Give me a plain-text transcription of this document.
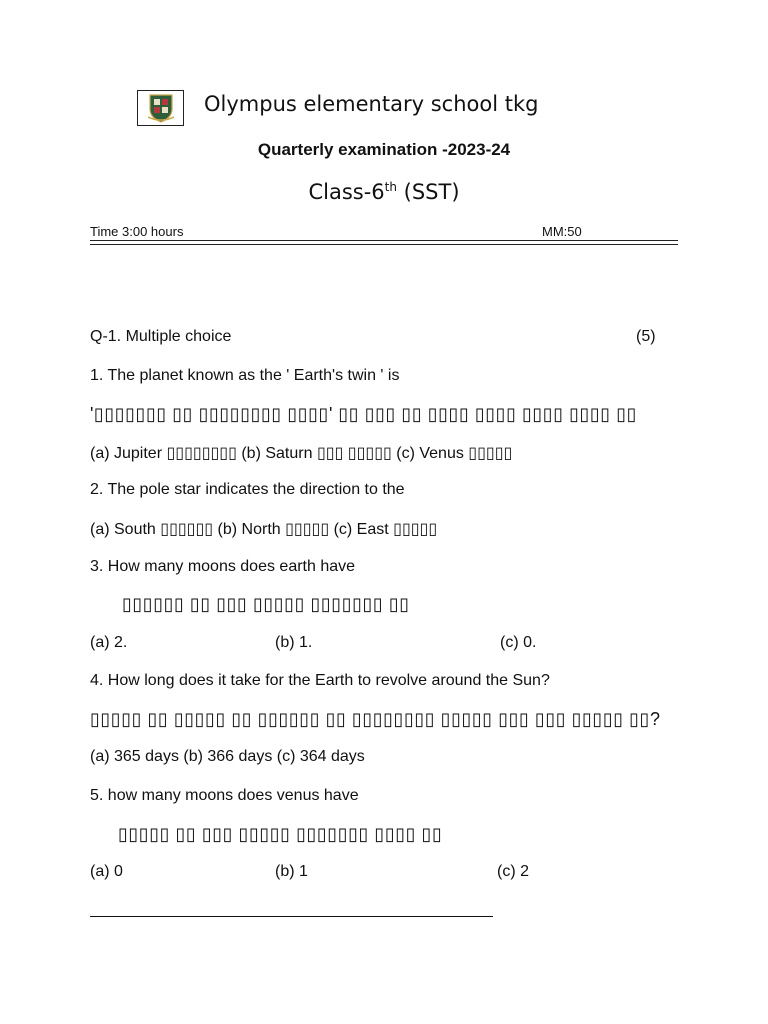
Olympus elementary school tkg
Quarterly examination -2023-24
Class-6th (SST)
Time 3:00 hours	MM:50
Q-1. Multiple choice	(5)
1. The planet known as the ' Earth's twin ' is
'▯▯▯▯▯▯▯ ▯▯ ▯▯▯▯▯▯▯▯ ▯▯▯▯' ▯▯ ▯▯▯ ▯▯ ▯▯▯▯ ▯▯▯▯ ▯▯▯▯ ▯▯▯▯ ▯▯
(a) Jupiter ▯▯▯▯▯▯▯▯ (b) Saturn ▯▯▯ ▯▯▯▯▯ (c) Venus ▯▯▯▯▯
2. The pole star indicates the direction to the
(a) South ▯▯▯▯▯▯ (b) North ▯▯▯▯▯ (c) East ▯▯▯▯▯
3. How many moons does earth have
▯▯▯▯▯▯ ▯▯ ▯▯▯ ▯▯▯▯▯ ▯▯▯▯▯▯▯ ▯▯
(a) 2.	(b) 1.	(c) 0.
4. How long does it take for the Earth to revolve around the Sun?
▯▯▯▯▯ ▯▯ ▯▯▯▯▯ ▯▯ ▯▯▯▯▯▯ ▯▯ ▯▯▯▯▯▯▯▯ ▯▯▯▯▯ ▯▯▯ ▯▯▯ ▯▯▯▯▯ ▯▯?
(a) 365 days (b) 366 days (c) 364 days
5. how many moons does venus have
▯▯▯▯▯ ▯▯ ▯▯▯ ▯▯▯▯▯ ▯▯▯▯▯▯▯ ▯▯▯▯ ▯▯
(a) 0	(b) 1	(c) 2
